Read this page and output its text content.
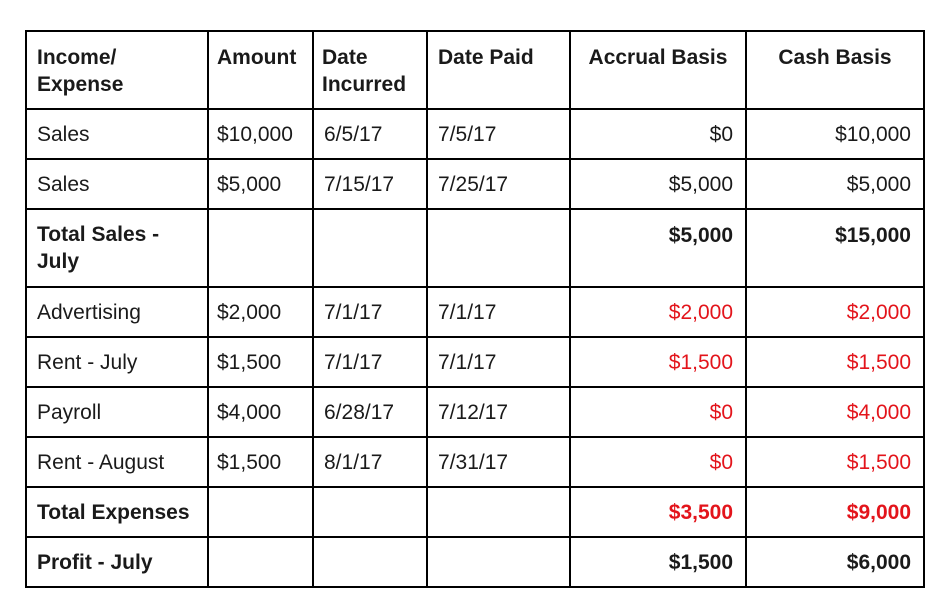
Income/ Expense	Amount	Date Incurred	Date Paid	Accrual Basis	Cash Basis
Sales	$10,000	6/5/17	7/5/17	$0	$10,000
Sales	$5,000	7/15/17	7/25/17	$5,000	$5,000
Total Sales - July				$5,000	$15,000
Advertising	$2,000	7/1/17	7/1/17	$2,000	$2,000
Rent - July	$1,500	7/1/17	7/1/17	$1,500	$1,500
Payroll	$4,000	6/28/17	7/12/17	$0	$4,000
Rent - August	$1,500	8/1/17	7/31/17	$0	$1,500
Total Expenses				$3,500	$9,000
Profit - July				$1,500	$6,000
